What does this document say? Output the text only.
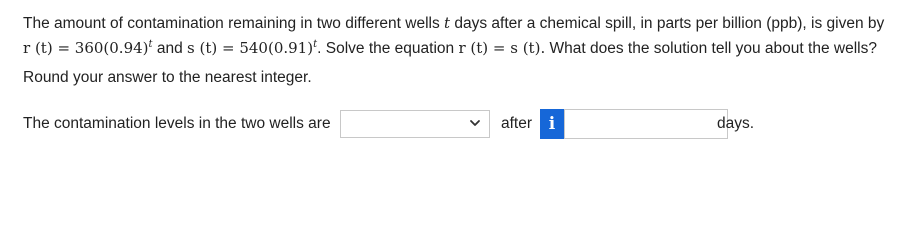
The amount of contamination remaining in two different wells t days after a chemical spill, in parts per billion (ppb), is given by

r $(t) = 360(0.94)^t$ and s $(t) = 540(0.91)^t$. Solve the equation r (t) = s (t). What does the solution tell you about the wells?

Round your answer to the nearest integer.
The contamination levels in the two wells are	after i	days.
